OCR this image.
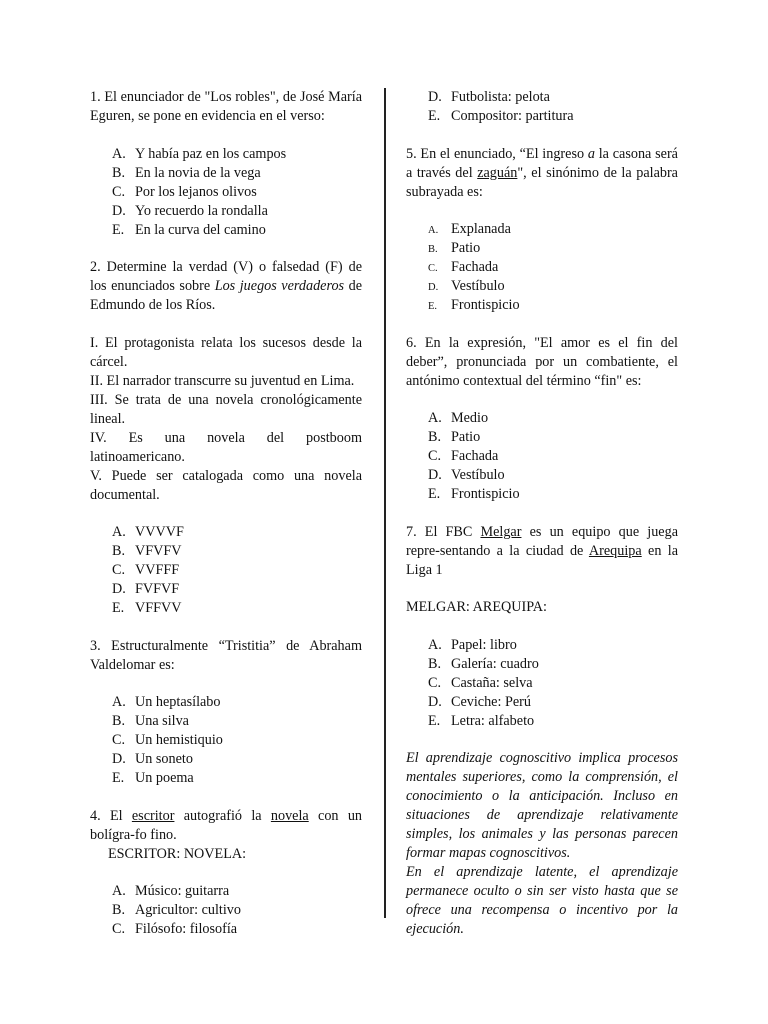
1. El enunciador de "Los robles", de José María Eguren, se pone en evidencia en el verso:

A. Y había paz en los campos
B. En la novia de la vega
C. Por los lejanos olivos
D. Yo recuerdo la rondalla
E. En la curva del camino

2. Determine la verdad (V) o falsedad (F) de los enunciados sobre Los juegos verdaderos de Edmundo de los Ríos.

I. El protagonista relata los sucesos desde la cárcel.

II. El narrador transcurre su juventud en Lima.

III. Se trata de una novela cronológicamente lineal.

IV. Es una novela del postboom latinoamericano.

V. Puede ser catalogada como una novela documental.

A. VVVVF
B. VFVFV
C. VVFFF
D. FVFVF
E. VFFVV

3. Estructuralmente “Tristitia” de Abraham Valdelomar es:

A. Un heptasílabo
B. Una silva
C. Un hemistiquio
D. Un soneto
E. Un poema

4. El escritor autografió la novela con un bolígra-fo fino.

ESCRITOR: NOVELA:

A. Músico: guitarra
B. Agricultor: cultivo
C. Filósofo: filosofía
D. Futbolista: pelota
E. Compositor: partitura

5. En el enunciado, “El ingreso a la casona será a través del zaguán", el sinónimo de la palabra subrayada es:

A. Explanada
B. Patio
C. Fachada
D. Vestíbulo
E. Frontispicio

6. En la expresión, "El amor es el fin del deber”, pronunciada por un combatiente, el antónimo contextual del término “fin" es:

A. Medio
B. Patio
C. Fachada
D. Vestíbulo
E. Frontispicio

7. El FBC Melgar es un equipo que juega repre-sentando a la ciudad de Arequipa en la Liga 1

MELGAR: AREQUIPA:

A. Papel: libro
B. Galería: cuadro
C. Castaña: selva
D. Ceviche: Perú
E. Letra: alfabeto

El aprendizaje cognoscitivo implica procesos mentales superiores, como la comprensión, el conocimiento o la anticipación. Incluso en situaciones de aprendizaje relativamente simples, los animales y las personas parecen formar mapas cognoscitivos.

En el aprendizaje latente, el aprendizaje permanece oculto o sin ser visto hasta que se ofrece una recompensa o incentivo por la ejecución.
